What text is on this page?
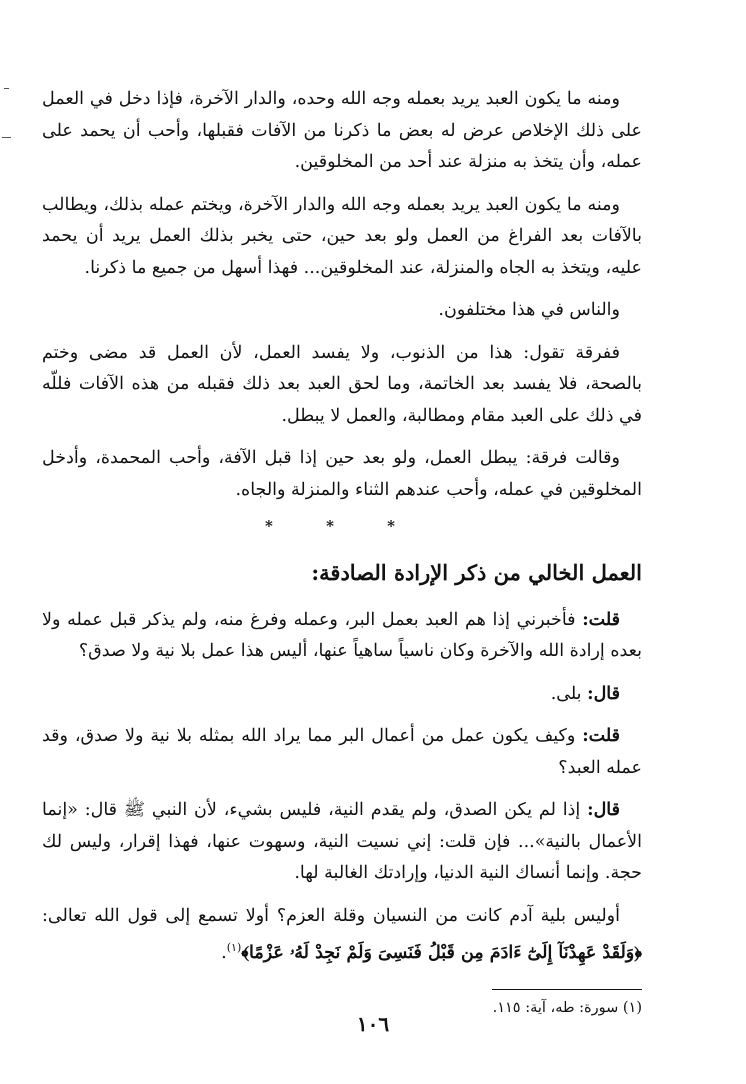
ومنه ما يكون العبد يريد بعمله وجه الله وحده، والدار الآخرة، فإذا دخل في العمل على ذلك الإخلاص عرض له بعض ما ذكرنا من الآفات فقبلها، وأحب أن يحمد على عمله، وأن يتخذ به منزلة عند أحد من المخلوقين.

ومنه ما يكون العبد يريد بعمله وجه الله والدار الآخرة، ويختم عمله بذلك، ويطالب بالآفات بعد الفراغ من العمل ولو بعد حين، حتى يخبر بذلك العمل يريد أن يحمد عليه، ويتخذ به الجاه والمنزلة، عند المخلوقين... فهذا أسهل من جميع ما ذكرنا.

والناس في هذا مختلفون.

ففرقة تقول: هذا من الذنوب، ولا يفسد العمل، لأن العمل قد مضى وختم بالصحة، فلا يفسد بعد الخاتمة، وما لحق العبد بعد ذلك فقبله من هذه الآفات فللّه في ذلك على العبد مقام ومطالبة، والعمل لا يبطل.

وقالت فرقة: يبطل العمل، ولو بعد حين إذا قبل الآفة، وأحب المحمدة، وأدخل المخلوقين في عمله، وأحب عندهم الثناء والمنزلة والجاه.

* * *

العمل الخالي من ذكر الإرادة الصادقة:

قلت: فأخبرني إذا هم العبد بعمل البر، وعمله وفرغ منه، ولم يذكر قبل عمله ولا بعده إرادة الله والآخرة وكان ناسياً ساهياً عنها، أليس هذا عمل بلا نية ولا صدق؟

قال: بلى.

قلت: وكيف يكون عمل من أعمال البر مما يراد الله بمثله بلا نية ولا صدق، وقد عمله العبد؟

قال: إذا لم يكن الصدق، ولم يقدم النية، فليس بشيء، لأن النبي ﷺ قال: «إنما الأعمال بالنية»... فإن قلت: إني نسيت النية، وسهوت عنها، فهذا إقرار، وليس لك حجة. وإنما أنساك النية الدنيا، وإرادتك الغالبة لها.

أوليس بلية آدم كانت من النسيان وقلة العزم؟ أولا تسمع إلى قول الله تعالى: ﴿وَلَقَدْ عَهِدْنَآ إِلَىٰٓ ءَادَمَ مِن قَبْلُ فَنَسِىَ وَلَمْ نَجِدْ لَهُۥ عَزْمًا﴾$^{(١)}$.

(١) سورة: طه، آية: ١١٥.

١٠٦
